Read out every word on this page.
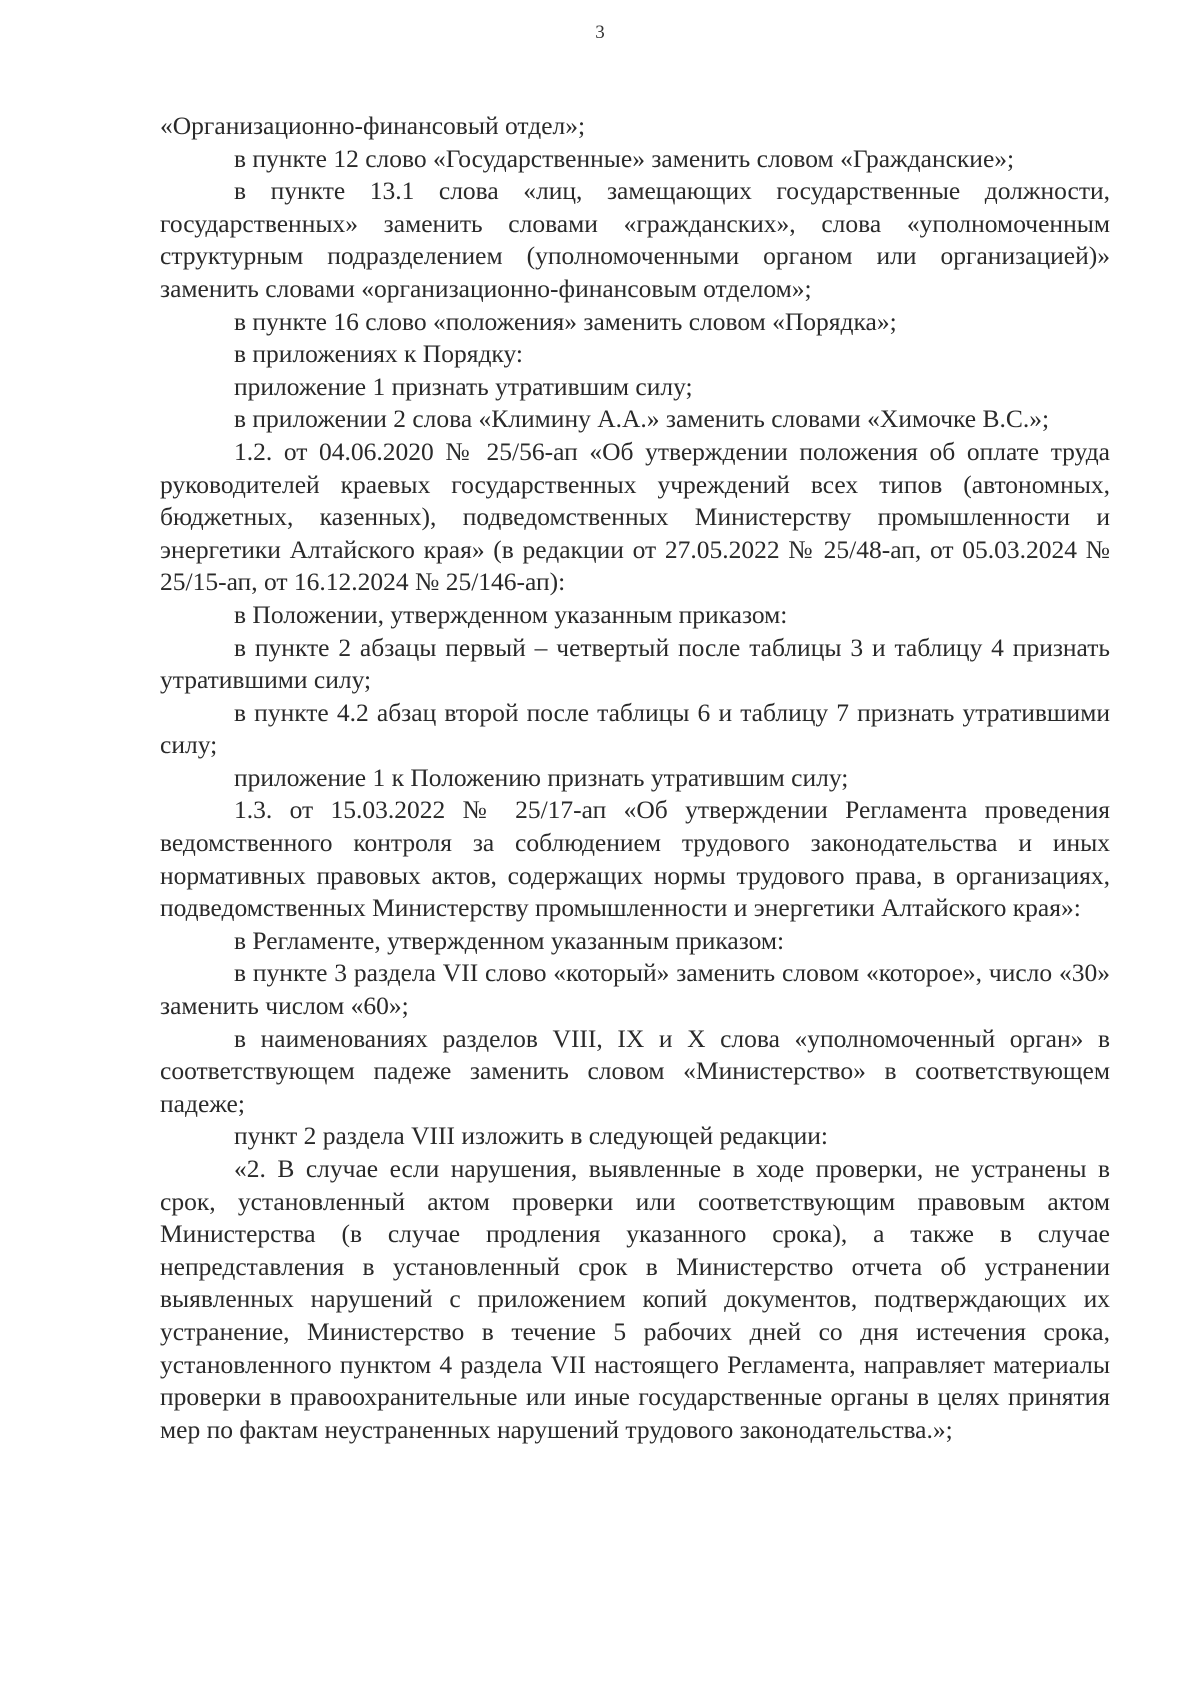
3

«Организационно-финансовый отдел»;

в пункте 12 слово «Государственные» заменить словом «Гражданские»;

в пункте 13.1 слова «лиц, замещающих государственные должности, государственных» заменить словами «гражданских», слова «уполномоченным структурным подразделением (уполномоченными органом или организацией)» заменить словами «организационно-финансовым отделом»;

в пункте 16 слово «положения» заменить словом «Порядка»;

в приложениях к Порядку:

приложение 1 признать утратившим силу;

в приложении 2 слова «Климину А.А.» заменить словами «Химочке В.С.»;

1.2. от 04.06.2020 № 25/56-ап «Об утверждении положения об оплате труда руководителей краевых государственных учреждений всех типов (автономных, бюджетных, казенных), подведомственных Министерству промышленности и энергетики Алтайского края» (в редакции от 27.05.2022 № 25/48-ап, от 05.03.2024 № 25/15-ап, от 16.12.2024 № 25/146-ап):

в Положении, утвержденном указанным приказом:

в пункте 2 абзацы первый – четвертый после таблицы 3 и таблицу 4 признать утратившими силу;

в пункте 4.2 абзац второй после таблицы 6 и таблицу 7 признать утратившими силу;

приложение 1 к Положению признать утратившим силу;

1.3. от 15.03.2022 № 25/17-ап «Об утверждении Регламента проведения ведомственного контроля за соблюдением трудового законодательства и иных нормативных правовых актов, содержащих нормы трудового права, в организациях, подведомственных Министерству промышленности и энергетики Алтайского края»:

в Регламенте, утвержденном указанным приказом:

в пункте 3 раздела VII слово «который» заменить словом «которое», число «30» заменить числом «60»;

в наименованиях разделов VIII, IX и X слова «уполномоченный орган» в соответствующем падеже заменить словом «Министерство» в соответствующем падеже;

пункт 2 раздела VIII изложить в следующей редакции:

«2. В случае если нарушения, выявленные в ходе проверки, не устранены в срок, установленный актом проверки или соответствующим правовым актом Министерства (в случае продления указанного срока), а также в случае непредставления в установленный срок в Министерство отчета об устранении выявленных нарушений с приложением копий документов, подтверждающих их устранение, Министерство в течение 5 рабочих дней со дня истечения срока, установленного пунктом 4 раздела VII настоящего Регламента, направляет материалы проверки в правоохранительные или иные государственные органы в целях принятия мер по фактам неустраненных нарушений трудового законодательства.»;
